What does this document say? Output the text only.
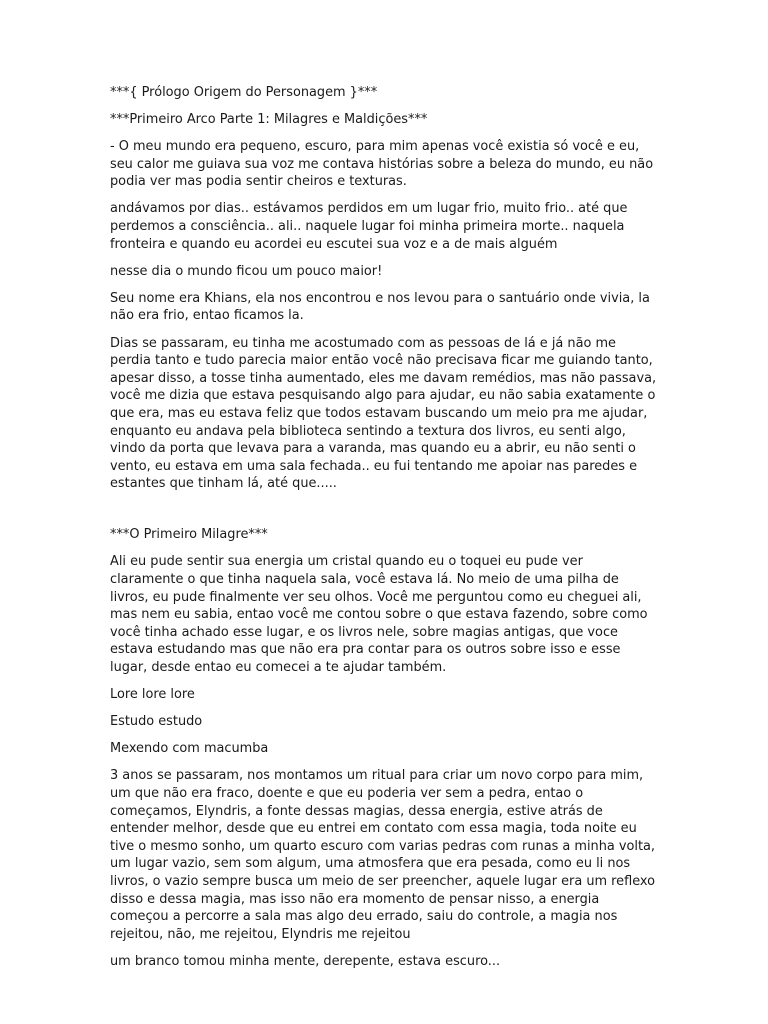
***{ Prólogo Origem do Personagem }***

***Primeiro Arco Parte 1: Milagres e Maldições***

- O meu mundo era pequeno, escuro, para mim apenas você existia só você e eu, seu calor me guiava sua voz me contava histórias sobre a beleza do mundo, eu não podia ver mas podia sentir cheiros e texturas.

andávamos por dias.. estávamos perdidos em um lugar frio, muito frio.. até que perdemos a consciência.. ali.. naquele lugar foi minha primeira morte.. naquela fronteira e quando eu acordei eu escutei sua voz e a de mais alguém

nesse dia o mundo ficou um pouco maior!

Seu nome era Khians, ela nos encontrou e nos levou para o santuário onde vivia, la não era frio, entao ficamos la.

Dias se passaram, eu tinha me acostumado com as pessoas de lá e já não me perdia tanto e tudo parecia maior então você não precisava ficar me guiando tanto, apesar disso, a tosse tinha aumentado, eles me davam remédios, mas não passava, você me dizia que estava pesquisando algo para ajudar, eu não sabia exatamente o que era, mas eu estava feliz que todos estavam buscando um meio pra me ajudar, enquanto eu andava pela biblioteca sentindo a textura dos livros, eu senti algo, vindo da porta que levava para a varanda, mas quando eu a abrir, eu não senti o vento, eu estava em uma sala fechada.. eu fui tentando me apoiar nas paredes e estantes que tinham lá, até que.....

***O Primeiro Milagre***

Ali eu pude sentir sua energia um cristal quando eu o toquei eu pude ver claramente o que tinha naquela sala, você estava lá. No meio de uma pilha de livros, eu pude finalmente ver seu olhos. Você me perguntou como eu cheguei ali, mas nem eu sabia, entao você me contou sobre o que estava fazendo, sobre como você tinha achado esse lugar, e os livros nele, sobre magias antigas, que voce estava estudando mas que não era pra contar para os outros sobre isso e esse lugar, desde entao eu comecei a te ajudar também.

Lore lore lore

Estudo estudo

Mexendo com macumba

3 anos se passaram, nos montamos um ritual para criar um novo corpo para mim, um que não era fraco, doente e que eu poderia ver sem a pedra, entao o começamos, Elyndris, a fonte dessas magias, dessa energia, estive atrás de entender melhor, desde que eu entrei em contato com essa magia, toda noite eu tive o mesmo sonho, um quarto escuro com varias pedras com runas a minha volta, um lugar vazio, sem som algum, uma atmosfera que era pesada, como eu li nos livros, o vazio sempre busca um meio de ser preencher, aquele lugar era um reflexo disso e dessa magia, mas isso não era momento de pensar nisso, a energia começou a percorre a sala mas algo deu errado, saiu do controle, a magia nos rejeitou, não, me rejeitou, Elyndris me rejeitou

um branco tomou minha mente, derepente, estava escuro...
